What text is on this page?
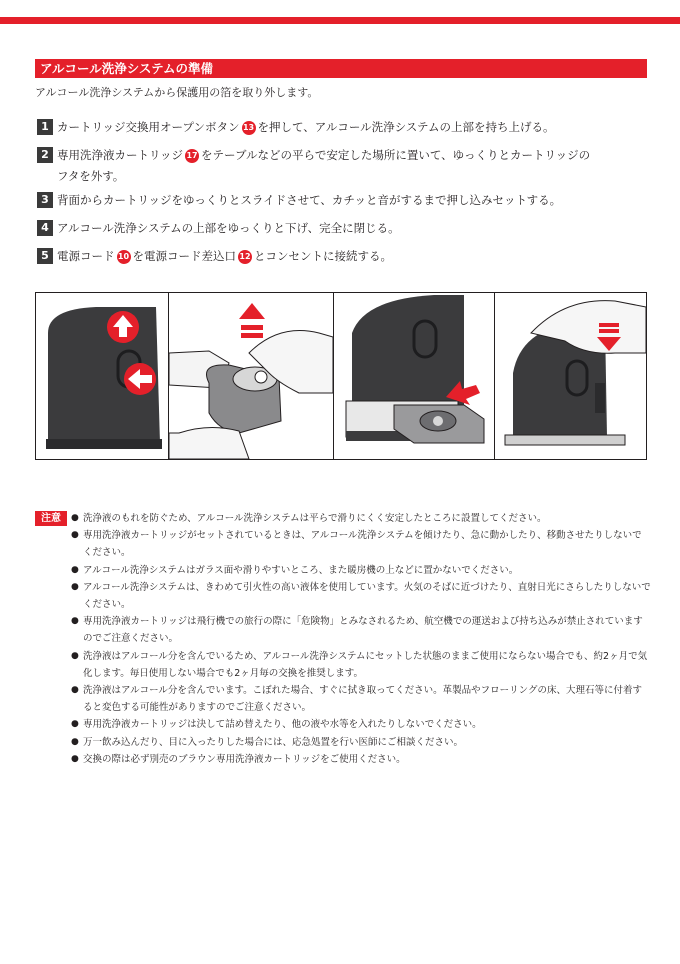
アルコール洗浄システムの準備
アルコール洗浄システムから保護用の箔を取り外します。
1 カートリッジ交換用オープンボタン 13 を押して、アルコール洗浄システムの上部を持ち上げる。
2 専用洗浄液カートリッジ 17 をテーブルなどの平らで安定した場所に置いて、ゆっくりとカートリッジの
フタを外す。
3 背面からカートリッジをゆっくりとスライドさせて、カチッと音がするまで押し込みセットする。
4 アルコール洗浄システムの上部をゆっくりと下げ、完全に閉じる。
5 電源コード 10 を電源コード差込口 12 とコンセントに接続する。
注意
●	洗浄液のもれを防ぐため、アルコール洗浄システムは平らで滑りにくく安定したところに設置してください。
● 専用洗浄液カートリッジがセットされているときは、アルコール洗浄システムを傾けたり、急に動かしたり、移動させたりしないでください。
● アルコール洗浄システムはガラス面や滑りやすいところ、また暖房機の上などに置かないでください。
● アルコール洗浄システムは、きわめて引火性の高い液体を使用しています。火気のそばに近づけたり、直射日光にさらしたりしないでください。
● 専用洗浄液カートリッジは飛行機での旅行の際に「危険物」とみなされるため、航空機での運送および持ち込みが禁止されていますのでご注意ください。
● 洗浄液はアルコール分を含んでいるため、アルコール洗浄システムにセットした状態のままご使用にならない場合でも、約2ヶ月で気化します。毎日使用しない場合でも2ヶ月毎の交換を推奨します。
● 洗浄液はアルコール分を含んでいます。こぼれた場合、すぐに拭き取ってください。革製品やフローリングの床、大理石等に付着すると変色する可能性がありますのでご注意ください。
● 専用洗浄液カートリッジは決して詰め替えたり、他の液や水等を入れたりしないでください。
● 万一飲み込んだり、目に入ったりした場合には、応急処置を行い医師にご相談ください。
● 交換の際は必ず別売のブラウン専用洗浄液カートリッジをご使用ください。
